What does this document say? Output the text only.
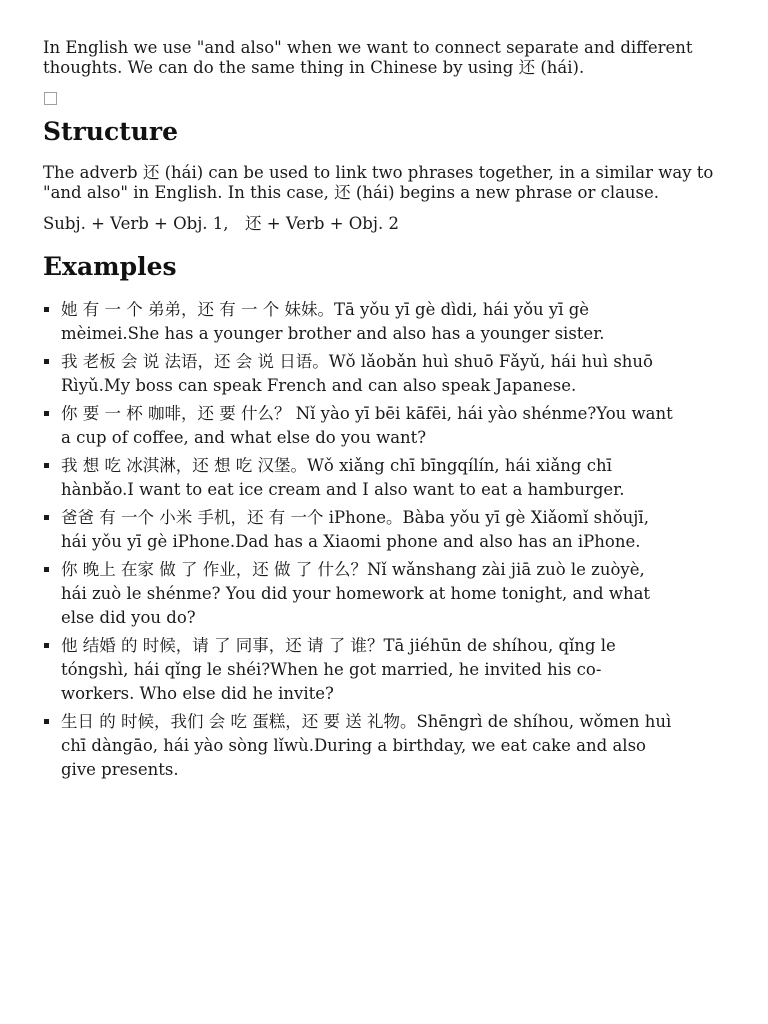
In English we use "and also" when we want to connect separate and different thoughts. We can do the same thing in Chinese by using 还 (hái).

Structure

The adverb 还 (hái) can be used to link two phrases together, in a similar way to "and also" in English. In this case, 还 (hái) begins a new phrase or clause.

Subj. + Verb + Obj. 1,　还 + Verb + Obj. 2

Examples
她 有 一 个 弟弟，还 有 一 个 妹妹。Tā yǒu yī gè dìdi, hái yǒu yī gè mèimei.She has a younger brother and also has a younger sister.
我 老板 会 说 法语，还 会 说 日语。Wǒ lǎobǎn huì shuō Fǎyǔ, hái huì shuō Rìyǔ.My boss can speak French and can also speak Japanese.
你 要 一 杯 咖啡，还 要 什么？ Nǐ yào yī bēi kāfēi, hái yào shénme?You want a cup of coffee, and what else do you want?
我 想 吃 冰淇淋，还 想 吃 汉堡。Wǒ xiǎng chī bīngqílín, hái xiǎng chī hànbǎo.I want to eat ice cream and I also want to eat a hamburger.
爸爸 有 一个 小米 手机，还 有 一个 iPhone。Bàba yǒu yī gè Xiǎomǐ shǒujī, hái yǒu yī gè iPhone.Dad has a Xiaomi phone and also has an iPhone.
你 晚上 在家 做 了 作业，还 做 了 什么？Nǐ wǎnshang zài jiā zuò le zuòyè, hái zuò le shénme? You did your homework at home tonight, and what else did you do?
他 结婚 的 时候，请 了 同事，还 请 了 谁？Tā jiéhūn de shíhou, qǐng le tóngshì, hái qǐng le shéi?When he got married, he invited his co-workers. Who else did he invite?
生日 的 时候，我们 会 吃 蛋糕，还 要 送 礼物。Shēngrì de shíhou, wǒmen huì chī dàngāo, hái yào sòng lǐwù.During a birthday, we eat cake and also give presents.
